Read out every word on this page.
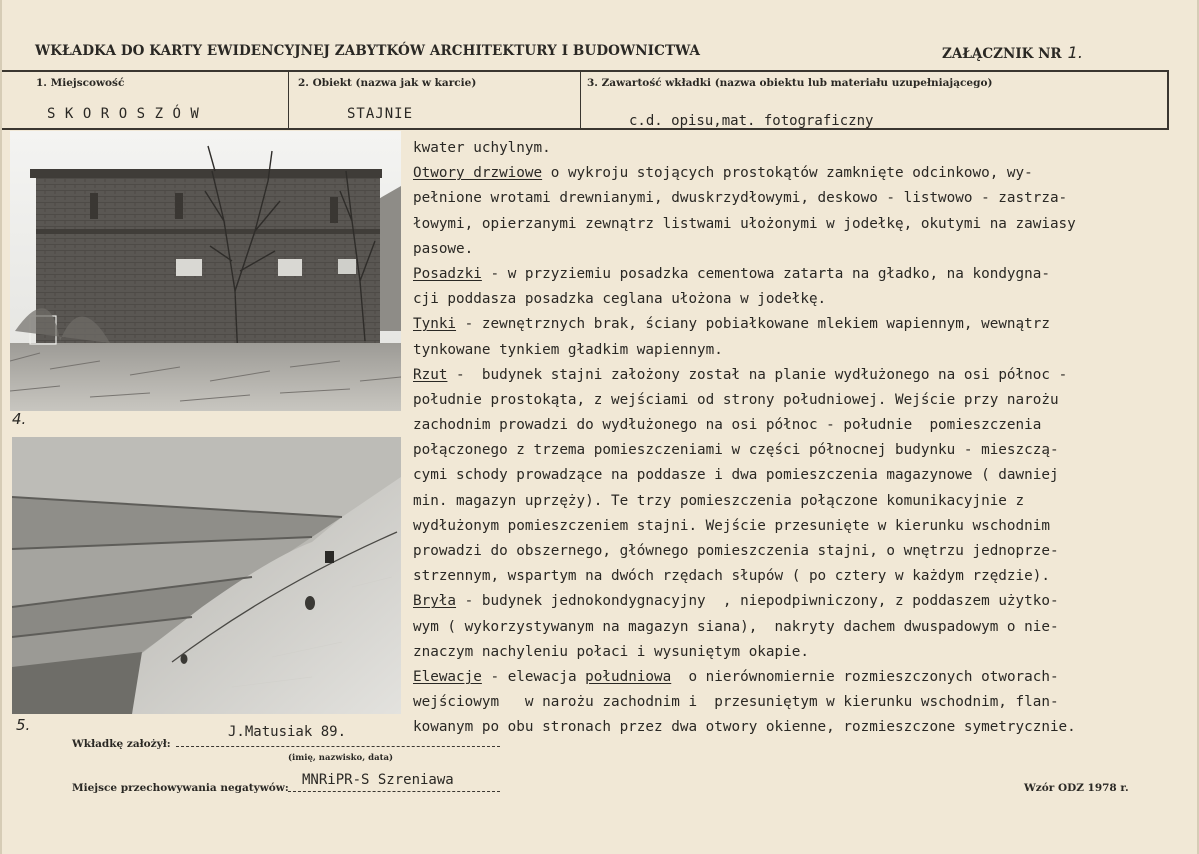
WKŁADKA DO KARTY EWIDENCYJNEJ ZABYTKÓW ARCHITEKTURY I BUDOWNICTWA	ZAŁĄCZNIK NR 1.
1. Miejscowość
SKOROSZÓW
2. Obiekt (nazwa jak w karcie)
STAJNIE
3. Zawartość wkładki (nazwa obiektu lub materiału uzupełniającego)
c.d. opisu,mat. fotograficzny
4.
5.
kwater uchylnym.
Otwory drzwiowe o wykroju stojących prostokątów zamknięte odcinkowo, wy-
pełnione wrotami drewnianymi, dwuskrzydłowymi, deskowo - listwowo - zastrza-
łowymi, opierzanymi zewnątrz listwami ułożonymi w jodełkę, okutymi na zawiasy
pasowe.
Posadzki - w przyziemiu posadzka cementowa zatarta na gładko, na kondygna-
cji poddasza posadzka ceglana ułożona w jodełkę.
Tynki - zewnętrznych brak, ściany pobiałkowane mlekiem wapiennym, wewnątrz
tynkowane tynkiem gładkim wapiennym.
Rzut -  budynek stajni założony został na planie wydłużonego na osi północ -
południe prostokąta, z wejściami od strony południowej. Wejście przy narożu
zachodnim prowadzi do wydłużonego na osi północ - południe  pomieszczenia
połączonego z trzema pomieszczeniami w części północnej budynku - mieszczą-
cymi schody prowadzące na poddasze i dwa pomieszczenia magazynowe ( dawniej
min. magazyn uprzęży). Te trzy pomieszczenia połączone komunikacyjnie z
wydłużonym pomieszczeniem stajni. Wejście przesunięte w kierunku wschodnim
prowadzi do obszernego, głównego pomieszczenia stajni, o wnętrzu jednoprze-
strzennym, wspartym na dwóch rzędach słupów ( po cztery w każdym rzędzie).
Bryła - budynek jednokondygnacyjny  , niepodpiwniczony, z poddaszem użytko-
wym ( wykorzystywanym na magazyn siana),  nakryty dachem dwuspadowym o nie-
znaczym nachyleniu połaci i wysuniętym okapie.
Elewacje - elewacja południowa  o nierównomiernie rozmieszczonych otworach-
wejściowym   w narożu zachodnim i  przesuniętym w kierunku wschodnim, flan-
kowanym po obu stronach przez dwa otwory okienne, rozmieszczone symetrycznie.
Wkładkę założył:
J.Matusiak 89.
(imię, nazwisko, data)
Miejsce przechowywania negatywów: MNRiPR-S Szreniawa	Wzór ODZ 1978 r.
